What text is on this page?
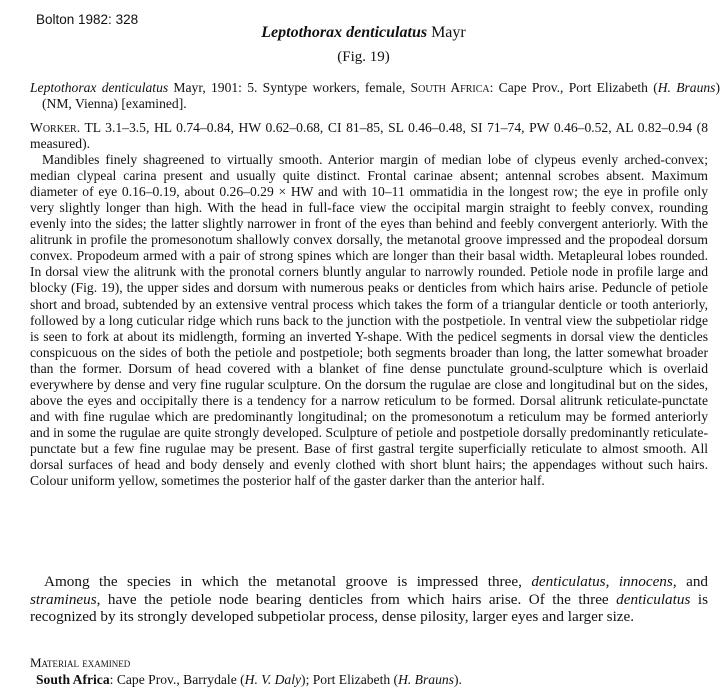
Bolton 1982: 328
Leptothorax denticulatus Mayr
(Fig. 19)
Leptothorax denticulatus Mayr, 1901: 5. Syntype workers, female, South Africa: Cape Prov., Port Elizabeth (H. Brauns) (NM, Vienna) [examined].

Worker. TL 3.1–3.5, HL 0.74–0.84, HW 0.62–0.68, CI 81–85, SL 0.46–0.48, SI 71–74, PW 0.46–0.52, AL 0.82–0.94 (8 measured).

Mandibles finely shagreened to virtually smooth. Anterior margin of median lobe of clypeus evenly arched-convex; median clypeal carina present and usually quite distinct. Frontal carinae absent; antennal scrobes absent. Maximum diameter of eye 0.16–0.19, about 0.26–0.29 × HW and with 10–11 ommatidia in the longest row; the eye in profile only very slightly longer than high. With the head in full-face view the occipital margin straight to feebly convex, rounding evenly into the sides; the latter slightly narrower in front of the eyes than behind and feebly convergent anteriorly. With the alitrunk in profile the promesonotum shallowly convex dorsally, the metanotal groove impressed and the propodeal dorsum convex. Propodeum armed with a pair of strong spines which are longer than their basal width. Metapleural lobes rounded. In dorsal view the alitrunk with the pronotal corners bluntly angular to narrowly rounded. Petiole node in profile large and blocky (Fig. 19), the upper sides and dorsum with numerous peaks or denticles from which hairs arise. Peduncle of petiole short and broad, subtended by an extensive ventral process which takes the form of a triangular denticle or tooth anteriorly, followed by a long cuticular ridge which runs back to the junction with the postpetiole. In ventral view the subpetiolar ridge is seen to fork at about its midlength, forming an inverted Y-shape. With the pedicel segments in dorsal view the denticles conspicuous on the sides of both the petiole and postpetiole; both segments broader than long, the latter somewhat broader than the former. Dorsum of head covered with a blanket of fine dense punctulate ground-sculpture which is overlaid everywhere by dense and very fine rugular sculpture. On the dorsum the rugulae are close and longitudinal but on the sides, above the eyes and occipitally there is a tendency for a narrow reticulum to be formed. Dorsal alitrunk reticulate-punctate and with fine rugulae which are predominantly longitudinal; on the promesonotum a reticulum may be formed anteriorly and in some the rugulae are quite strongly developed. Sculpture of petiole and postpetiole dorsally predominantly reticulate-punctate but a few fine rugulae may be present. Base of first gastral tergite superficially reticulate to almost smooth. All dorsal surfaces of head and body densely and evenly clothed with short blunt hairs; the appendages without such hairs. Colour uniform yellow, sometimes the posterior half of the gaster darker than the anterior half.

Among the species in which the metanotal groove is impressed three, denticulatus, innocens, and stramineus, have the petiole node bearing denticles from which hairs arise. Of the three denticulatus is recognized by its strongly developed subpetiolar process, dense pilosity, larger eyes and larger size.
Material examined
South Africa: Cape Prov., Barrydale (H. V. Daly); Port Elizabeth (H. Brauns).
